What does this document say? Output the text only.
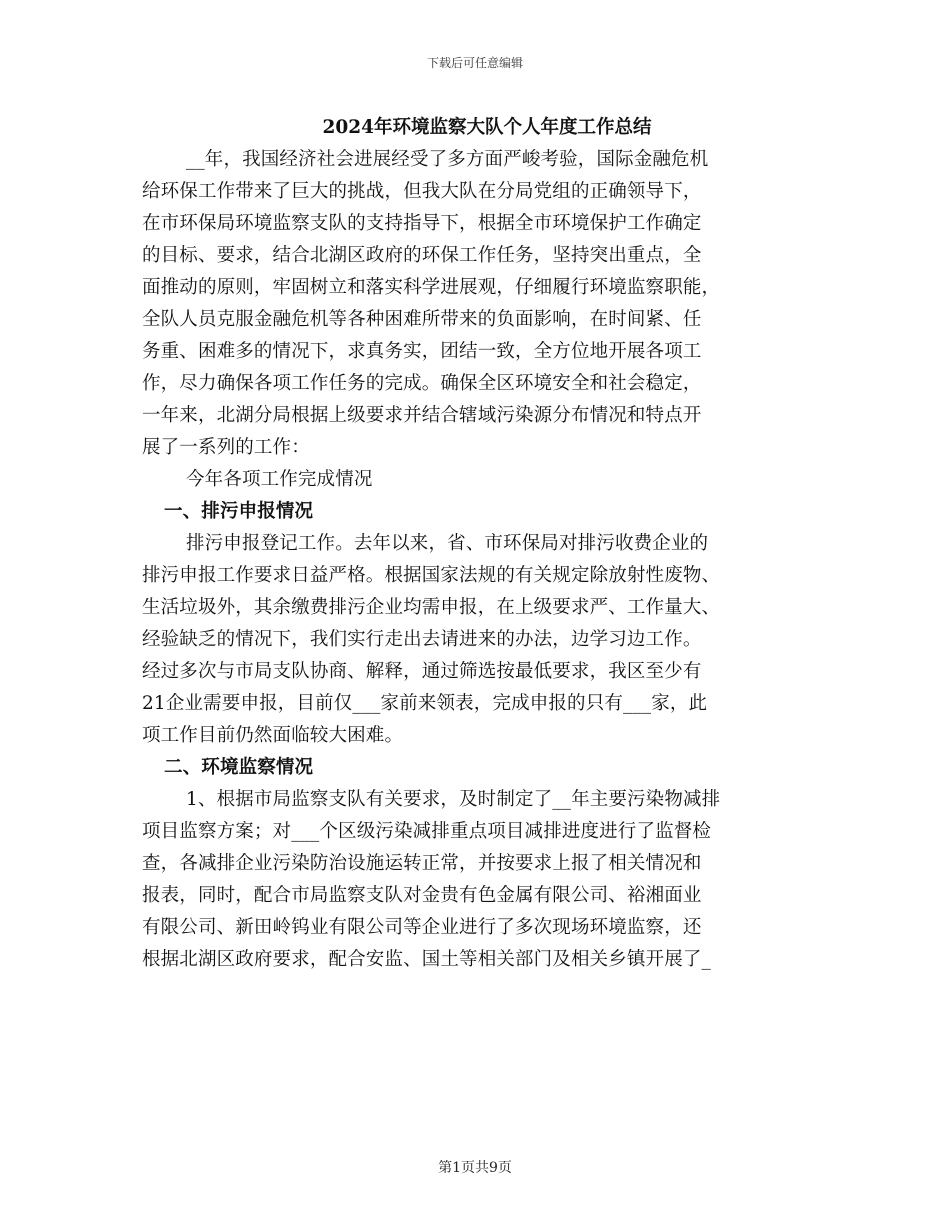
下载后可任意编辑
2024年环境监察大队个人年度工作总结
__年，我国经济社会进展经受了多方面严峻考验，国际金融危机
给环保工作带来了巨大的挑战，但我大队在分局党组的正确领导下，
在市环保局环境监察支队的支持指导下，根据全市环境保护工作确定
的目标、要求，结合北湖区政府的环保工作任务，坚持突出重点，全
面推动的原则，牢固树立和落实科学进展观，仔细履行环境监察职能，
全队人员克服金融危机等各种困难所带来的负面影响，在时间紧、任
务重、困难多的情况下，求真务实，团结一致，全方位地开展各项工
作，尽力确保各项工作任务的完成。确保全区环境安全和社会稳定，
一年来，北湖分局根据上级要求并结合辖域污染源分布情况和特点开
展了一系列的工作：
今年各项工作完成情况
一、排污申报情况
排污申报登记工作。去年以来，省、市环保局对排污收费企业的
排污申报工作要求日益严格。根据国家法规的有关规定除放射性废物、
生活垃圾外，其余缴费排污企业均需申报，在上级要求严、工作量大、
经验缺乏的情况下，我们实行走出去请进来的办法，边学习边工作。
经过多次与市局支队协商、解释，通过筛选按最低要求，我区至少有
21企业需要申报，目前仅___家前来领表，完成申报的只有___家，此
项工作目前仍然面临较大困难。
二、环境监察情况
1、根据市局监察支队有关要求，及时制定了__年主要污染物减排
项目监察方案；对___个区级污染减排重点项目减排进度进行了监督检
查，各减排企业污染防治设施运转正常，并按要求上报了相关情况和
报表，同时，配合市局监察支队对金贵有色金属有限公司、裕湘面业
有限公司、新田岭钨业有限公司等企业进行了多次现场环境监察，还
根据北湖区政府要求，配合安监、国土等相关部门及相关乡镇开展了_
第1页共9页
